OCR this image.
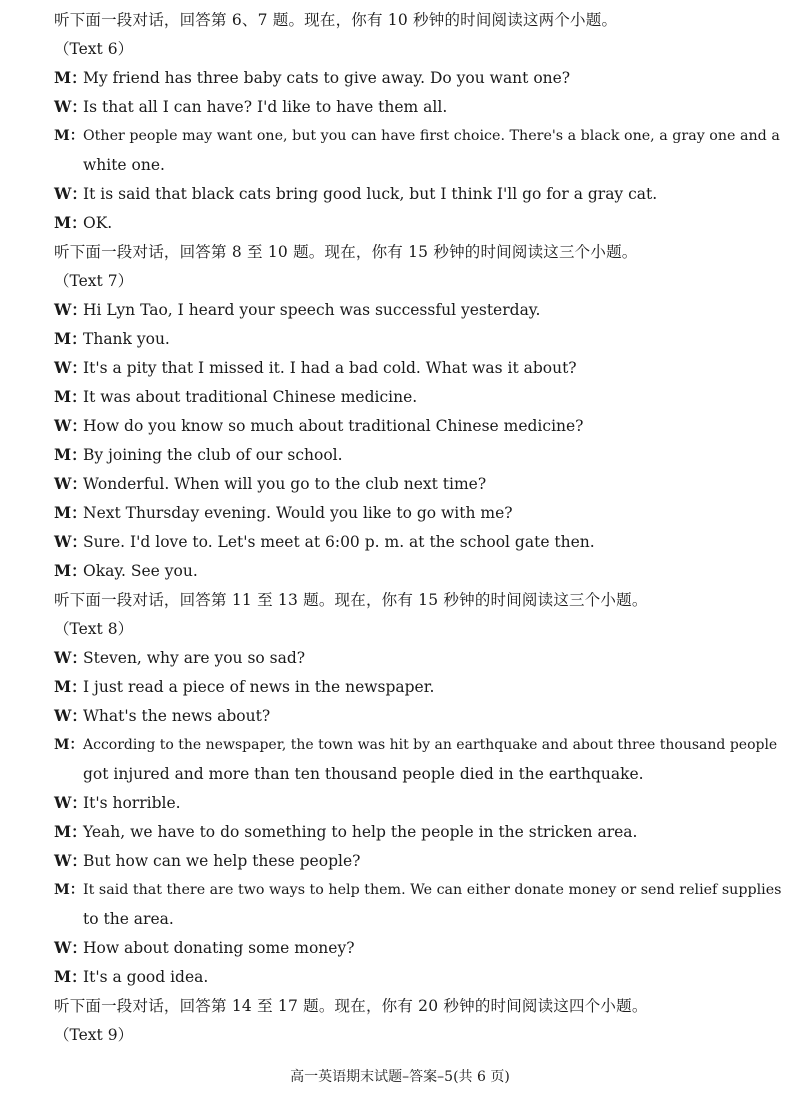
听下面一段对话，回答第 6、7 题。现在，你有 10 秒钟的时间阅读这两个小题。
（Text 6）
M：
My friend has three baby cats to give away. Do you want one?
W：
Is that all I can have? I'd like to have them all.
M：
Other people may want one, but you can have first choice. There's a black one, a gray one and a
white one.
W：
It is said that black cats bring good luck, but I think I'll go for a gray cat.
M：
OK.
听下面一段对话，回答第 8 至 10 题。现在，你有 15 秒钟的时间阅读这三个小题。
（Text 7）
W：
Hi Lyn Tao, I heard your speech was successful yesterday.
M：
Thank you.
W：
It's a pity that I missed it. I had a bad cold. What was it about?
M：
It was about traditional Chinese medicine.
W：
How do you know so much about traditional Chinese medicine?
M：
By joining the club of our school.
W：
Wonderful. When will you go to the club next time?
M：
Next Thursday evening. Would you like to go with me?
W：
Sure. I'd love to. Let's meet at 6:00 p. m. at the school gate then.
M：
Okay. See you.
听下面一段对话，回答第 11 至 13 题。现在，你有 15 秒钟的时间阅读这三个小题。
（Text 8）
W：
Steven, why are you so sad?
M：
I just read a piece of news in the newspaper.
W：
What's the news about?
M： According to the newspaper, the town was hit by an earthquake and about three thousand people
got injured and more than ten thousand people died in the earthquake.
W：
It's horrible.
M：
Yeah, we have to do something to help the people in the stricken area.
W：
But how can we help these people?
M：
It said that there are two ways to help them. We can either donate money or send relief supplies
to the area.
W：
How about donating some money?
M：
It's a good idea.
听下面一段对话，回答第 14 至 17 题。现在，你有 20 秒钟的时间阅读这四个小题。
（Text 9）
高一英语期末试题–答案–5(共 6 页)
